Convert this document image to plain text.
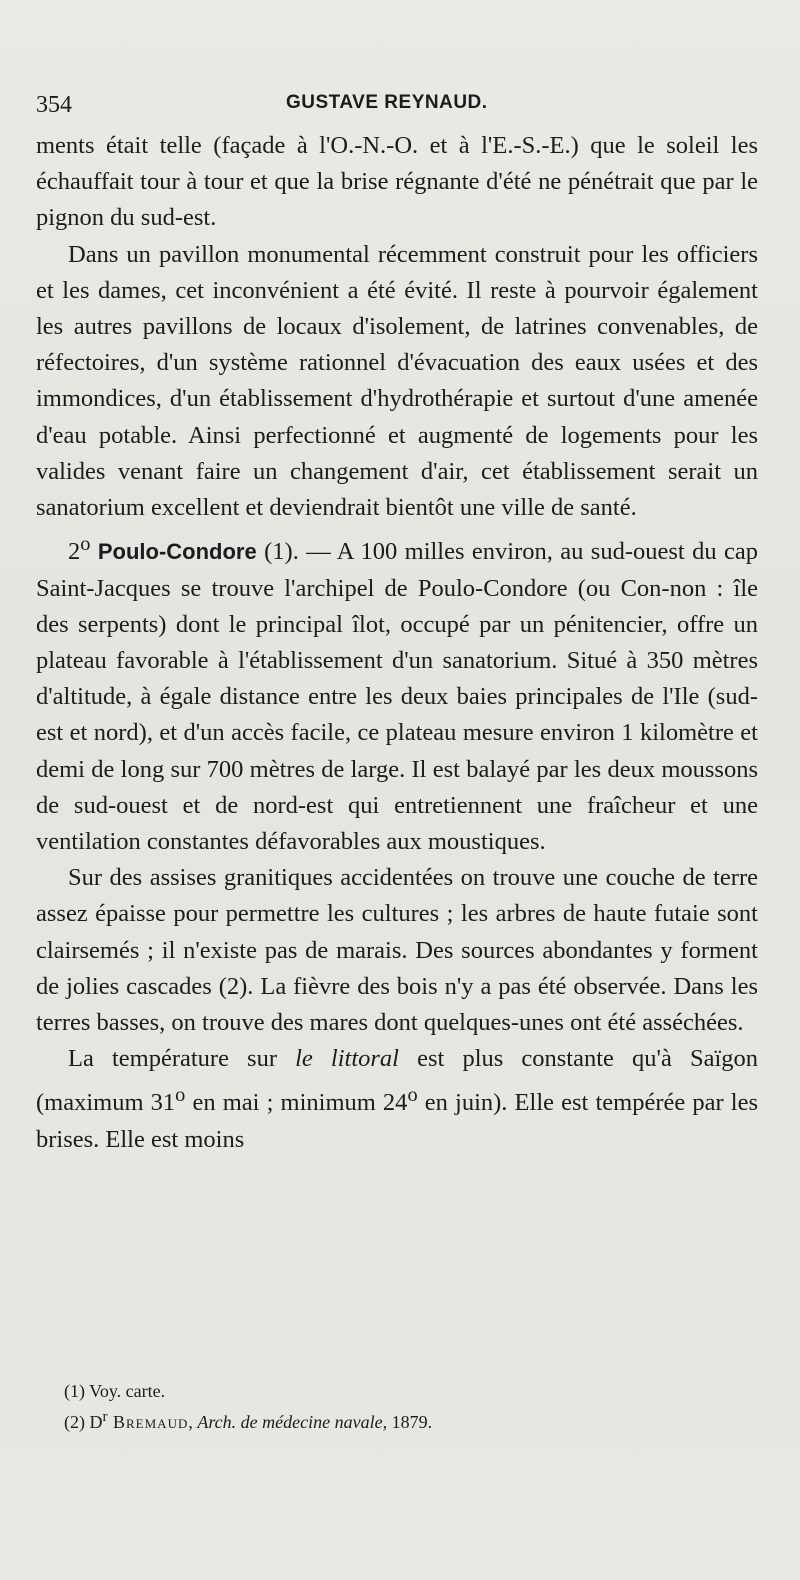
354	GUSTAVE REYNAUD.

ments était telle (façade à l'O.-N.-O. et à l'E.-S.-E.) que le soleil les échauffait tour à tour et que la brise régnante d'été ne pénétrait que par le pignon du sud-est.

Dans un pavillon monumental récemment construit pour les officiers et les dames, cet inconvénient a été évité. Il reste à pourvoir également les autres pavillons de locaux d'isolement, de latrines convenables, de réfectoires, d'un système rationnel d'évacuation des eaux usées et des immondices, d'un établissement d'hydrothérapie et surtout d'une amenée d'eau potable. Ainsi perfectionné et augmenté de logements pour les valides venant faire un changement d'air, cet établissement serait un sanatorium excellent et deviendrait bientôt une ville de santé.

2$^o$ Poulo-Condore (1). — A 100 milles environ, au sud-ouest du cap Saint-Jacques se trouve l'archipel de Poulo-Condore (ou Con-non : île des serpents) dont le principal îlot, occupé par un pénitencier, offre un plateau favorable à l'établissement d'un sanatorium. Situé à 350 mètres d'altitude, à égale distance entre les deux baies principales de l'Ile (sud-est et nord), et d'un accès facile, ce plateau mesure environ 1 kilomètre et demi de long sur 700 mètres de large. Il est balayé par les deux moussons de sud-ouest et de nord-est qui entretiennent une fraîcheur et une ventilation constantes défavorables aux moustiques.

Sur des assises granitiques accidentées on trouve une couche de terre assez épaisse pour permettre les cultures ; les arbres de haute futaie sont clairsemés ; il n'existe pas de marais. Des sources abondantes y forment de jolies cascades (2). La fièvre des bois n'y a pas été observée. Dans les terres basses, on trouve des mares dont quelques-unes ont été asséchées.

La température sur le littoral est plus constante qu'à Saïgon (maximum 31$^o$ en mai ; minimum 24$^o$ en juin). Elle est tempérée par les brises. Elle est moins

(1) Voy. carte.

(2) $D^r$ Bremaud, Arch. de médecine navale, 1879.
